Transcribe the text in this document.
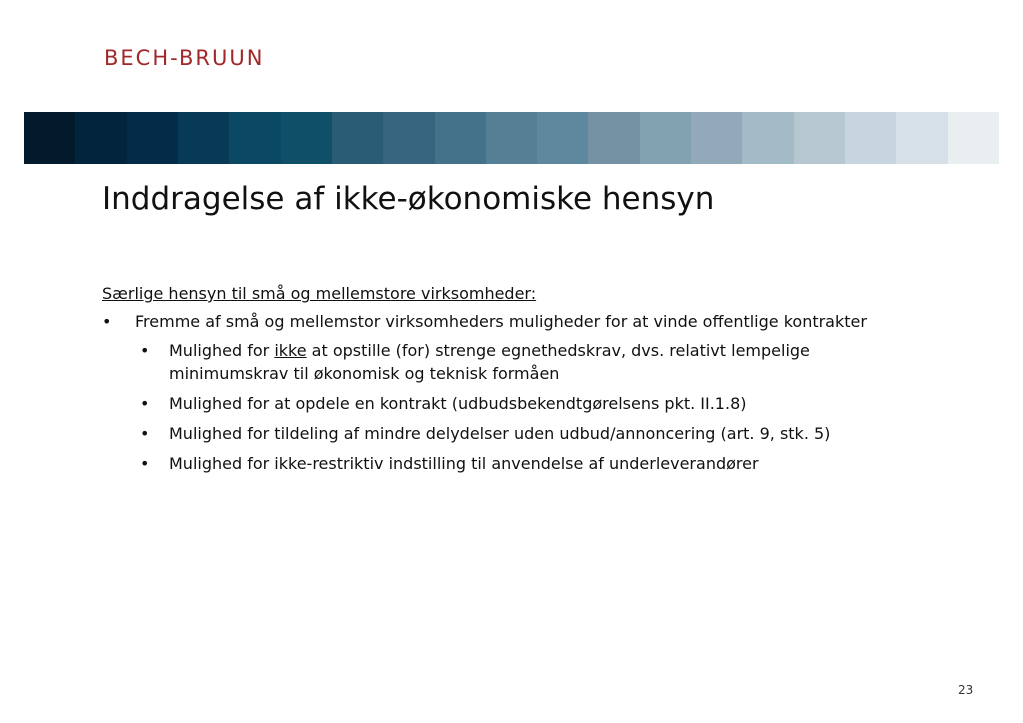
BECH-BRUUN
Inddragelse af ikke-økonomiske hensyn

Særlige hensyn til små og mellemstore virksomheder:

• Fremme af små og mellemstor virksomheders muligheder for at vinde offentlige kontrakter
• Mulighed for ikke at opstille (for) strenge egnethedskrav, dvs. relativt lempelige minimumskrav til økonomisk og teknisk formåen
• Mulighed for at opdele en kontrakt (udbudsbekendtgørelsens pkt. II.1.8)
• Mulighed for tildeling af mindre delydelser uden udbud/annoncering (art. 9, stk. 5)
• Mulighed for ikke-restriktiv indstilling til anvendelse af underleverandører
23
